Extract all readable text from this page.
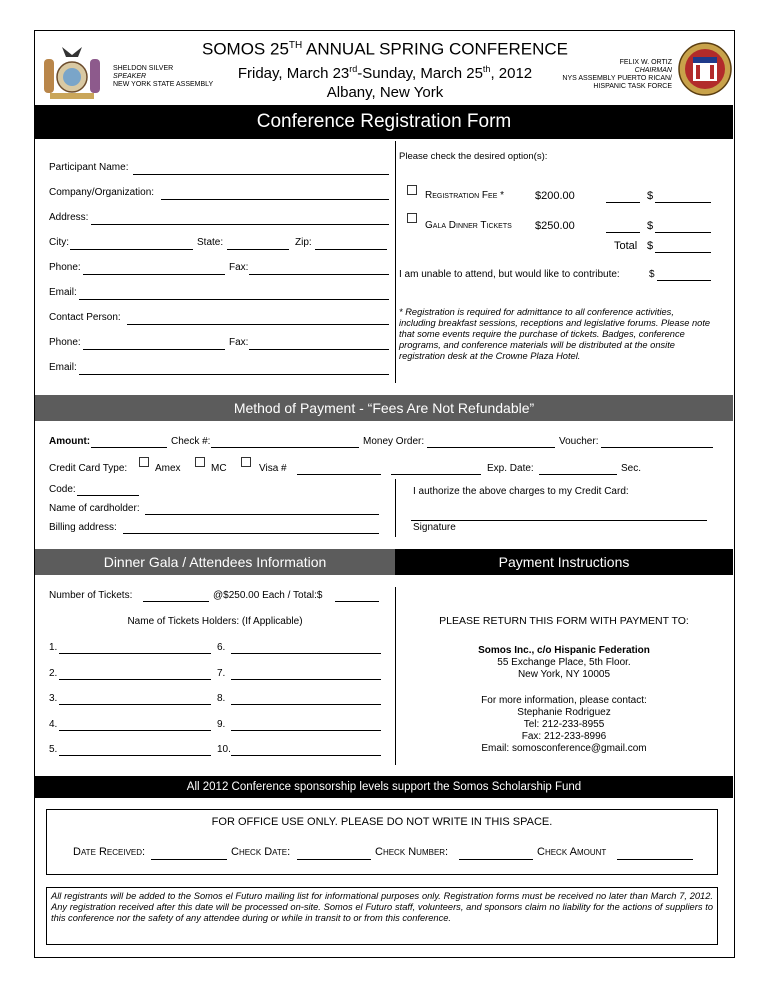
SHELDON SILVER
SPEAKER
NEW YORK STATE ASSEMBLY
SOMOS 25TH ANNUAL SPRING CONFERENCE
Friday, March 23rd-Sunday, March 25th, 2012
Albany, New York
FELIX W. ORTIZ
CHAIRMAN
NYS ASSEMBLY PUERTO RICAN/
HISPANIC TASK FORCE
Conference Registration Form
Participant Name:
Company/Organization:
Address:
City:	State:	Zip:
Phone:	Fax:
Email:
Contact Person:
Phone:	Fax:
Email:
Please check the desired option(s):
Registration Fee *	$200.00	$
Gala Dinner Tickets $250.00	$
Total $
I am unable to attend, but would like to contribute:	$
* Registration is required for admittance to all conference activities, including breakfast sessions, receptions and legislative forums. Please note that some events require the purchase of tickets. Badges, conference programs, and conference materials will be distributed at the onsite registration desk at the Crowne Plaza Hotel.
Method of Payment - “Fees Are Not Refundable”
Amount:	Check #:	Money Order:	Voucher:
Credit Card Type:	Amex	MC	Visa #	Exp. Date:	Sec.
Code:
Name of cardholder:
Billing address:
I authorize the above charges to my Credit Card:
Signature
Dinner Gala / Attendees Information	Payment Instructions
Number of Tickets:	@$250.00 Each / Total:$
Name of Tickets Holders: (If Applicable)	PLEASE RETURN THIS FORM WITH PAYMENT TO:
Somos Inc., c/o Hispanic Federation
55 Exchange Place, 5th Floor.
New York, NY 10005
For more information, please contact:
Stephanie Rodriguez
Tel: 212-233-8955
Fax: 212-233-8996
Email: somosconference@gmail.com
All 2012 Conference sponsorship levels support the Somos Scholarship Fund
FOR OFFICE USE ONLY. PLEASE DO NOT WRITE IN THIS SPACE.
Date Received:	Check Date:	Check Number:	Check Amount
All registrants will be added to the Somos el Futuro mailing list for informational purposes only. Registration forms must be received no later than March 7, 2012. Any registration received after this date will be processed on-site. Somos el Futuro staff, volunteers, and sponsors claim no liability for the actions of suppliers to this conference nor the safety of any attendee during or while in transit to or from this conference.
1.
2.
3.
4.
5.
6.
7.
8.
9.
10.
